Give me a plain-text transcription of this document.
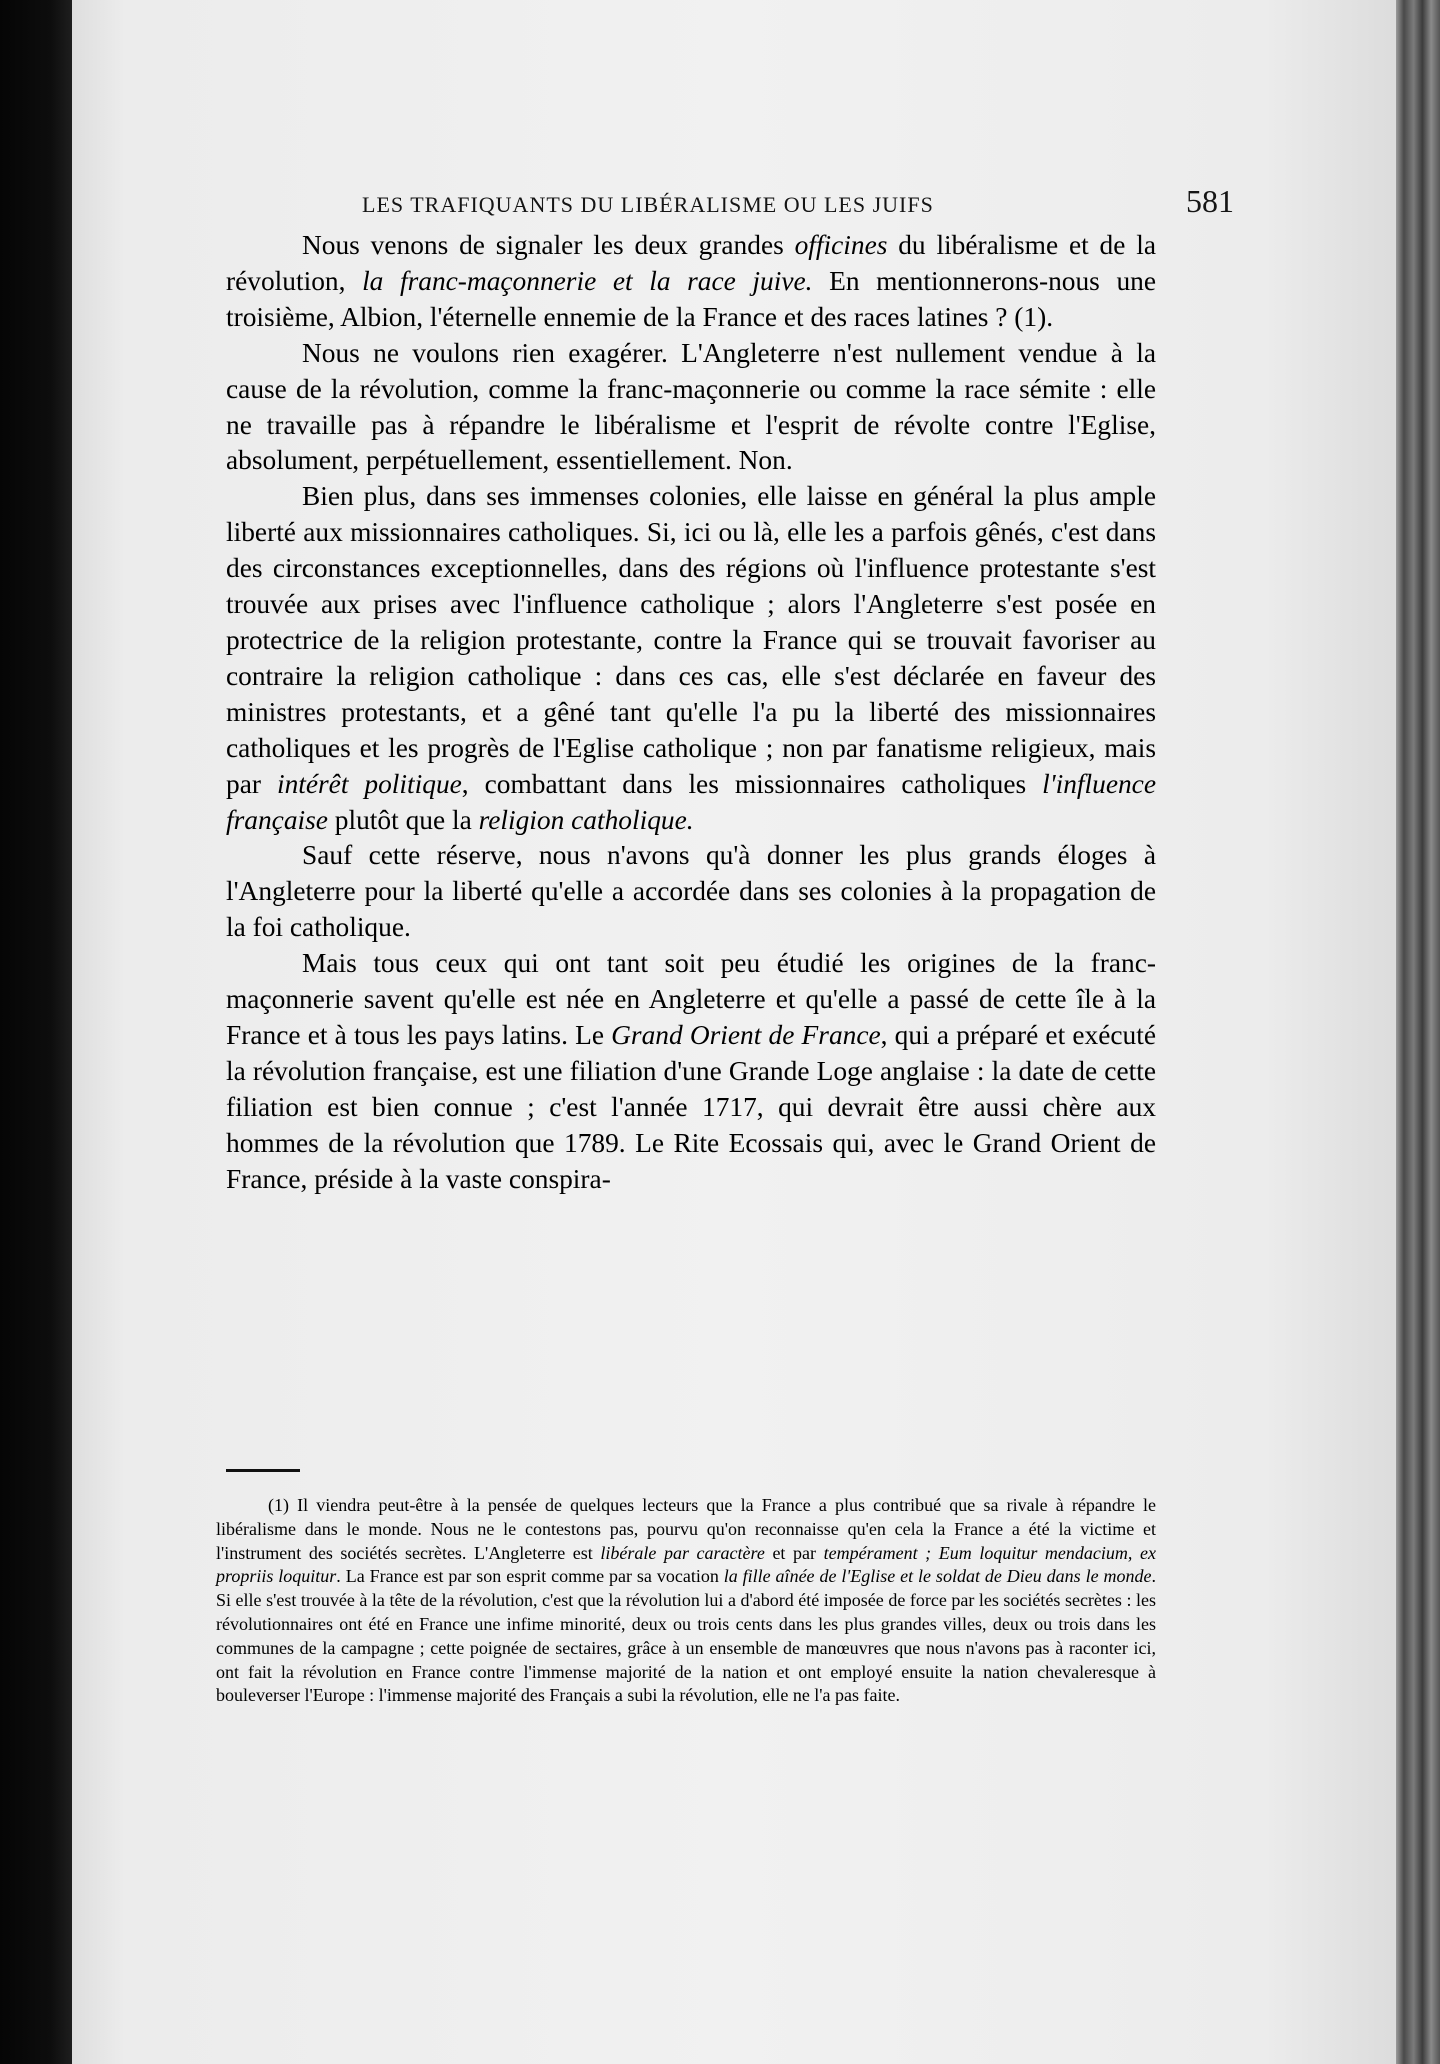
LES TRAFIQUANTS DU LIBÉRALISME OU LES JUIFS	581

Nous venons de signaler les deux grandes officines du libéralisme et de la révolution, la franc-maçonnerie et la race juive. En mentionnerons-nous une troisième, Albion, l'éternelle ennemie de la France et des races latines ? (1).

Nous ne voulons rien exagérer. L'Angleterre n'est nullement vendue à la cause de la révolution, comme la franc-maçonnerie ou comme la race sémite : elle ne travaille pas à répandre le libéralisme et l'esprit de révolte contre l'Eglise, absolument, perpétuellement, essentiellement. Non.

Bien plus, dans ses immenses colonies, elle laisse en général la plus ample liberté aux missionnaires catholiques. Si, ici ou là, elle les a parfois gênés, c'est dans des circonstances exceptionnelles, dans des régions où l'influence protestante s'est trouvée aux prises avec l'influence catholique ; alors l'Angleterre s'est posée en protectrice de la religion protestante, contre la France qui se trouvait favoriser au contraire la religion catholique : dans ces cas, elle s'est déclarée en faveur des ministres protestants, et a gêné tant qu'elle l'a pu la liberté des missionnaires catholiques et les progrès de l'Eglise catholique ; non par fanatisme religieux, mais par intérêt politique, combattant dans les missionnaires catholiques l'influence française plutôt que la religion catholique.

Sauf cette réserve, nous n'avons qu'à donner les plus grands éloges à l'Angleterre pour la liberté qu'elle a accordée dans ses colonies à la propagation de la foi catholique.

Mais tous ceux qui ont tant soit peu étudié les origines de la franc-maçonnerie savent qu'elle est née en Angleterre et qu'elle a passé de cette île à la France et à tous les pays latins. Le Grand Orient de France, qui a préparé et exécuté la révolution française, est une filiation d'une Grande Loge anglaise : la date de cette filiation est bien connue ; c'est l'année 1717, qui devrait être aussi chère aux hommes de la révolution que 1789. Le Rite Ecossais qui, avec le Grand Orient de France, préside à la vaste conspira-

(1) Il viendra peut-être à la pensée de quelques lecteurs que la France a plus contribué que sa rivale à répandre le libéralisme dans le monde. Nous ne le contestons pas, pourvu qu'on reconnaisse qu'en cela la France a été la victime et l'instrument des sociétés secrètes. L'Angleterre est libérale par caractère et par tempérament ; Eum loquitur mendacium, ex propriis loquitur. La France est par son esprit comme par sa vocation la fille aînée de l'Eglise et le soldat de Dieu dans le monde. Si elle s'est trouvée à la tête de la révolution, c'est que la révolution lui a d'abord été imposée de force par les sociétés secrètes : les révolutionnaires ont été en France une infime minorité, deux ou trois cents dans les plus grandes villes, deux ou trois dans les communes de la campagne ; cette poignée de sectaires, grâce à un ensemble de manœuvres que nous n'avons pas à raconter ici, ont fait la révolution en France contre l'immense majorité de la nation et ont employé ensuite la nation chevaleresque à bouleverser l'Europe : l'immense majorité des Français a subi la révolution, elle ne l'a pas faite.
